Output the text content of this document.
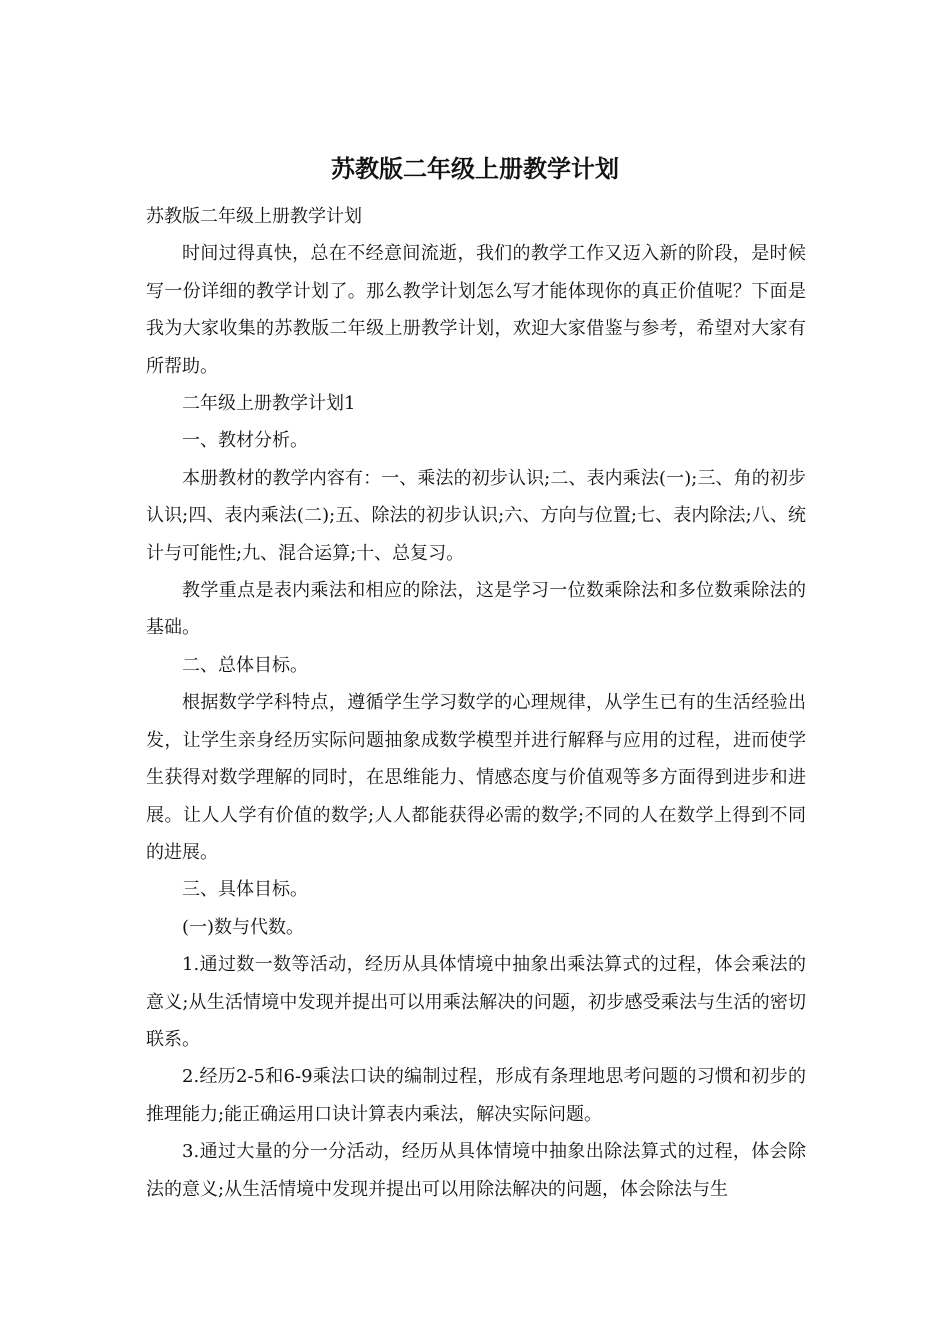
苏教版二年级上册教学计划

苏教版二年级上册教学计划

时间过得真快，总在不经意间流逝，我们的教学工作又迈入新的阶段，是时候写一份详细的教学计划了。那么教学计划怎么写才能体现你的真正价值呢？下面是我为大家收集的苏教版二年级上册教学计划，欢迎大家借鉴与参考，希望对大家有所帮助。

二年级上册教学计划1

一、教材分析。

本册教材的教学内容有：一、乘法的初步认识;二、表内乘法(一);三、角的初步认识;四、表内乘法(二);五、除法的初步认识;六、方向与位置;七、表内除法;八、统计与可能性;九、混合运算;十、总复习。

教学重点是表内乘法和相应的除法，这是学习一位数乘除法和多位数乘除法的基础。

二、总体目标。

根据数学学科特点，遵循学生学习数学的心理规律，从学生已有的生活经验出发，让学生亲身经历实际问题抽象成数学模型并进行解释与应用的过程，进而使学生获得对数学理解的同时，在思维能力、情感态度与价值观等多方面得到进步和进展。让人人学有价值的数学;人人都能获得必需的数学;不同的人在数学上得到不同的进展。

三、具体目标。

(一)数与代数。

1.通过数一数等活动，经历从具体情境中抽象出乘法算式的过程，体会乘法的意义;从生活情境中发现并提出可以用乘法解决的问题，初步感受乘法与生活的密切联系。

2.经历2-5和6-9乘法口诀的编制过程，形成有条理地思考问题的习惯和初步的推理能力;能正确运用口诀计算表内乘法，解决实际问题。

3.通过大量的分一分活动，经历从具体情境中抽象出除法算式的过程，体会除法的意义;从生活情境中发现并提出可以用除法解决的问题，体会除法与生
